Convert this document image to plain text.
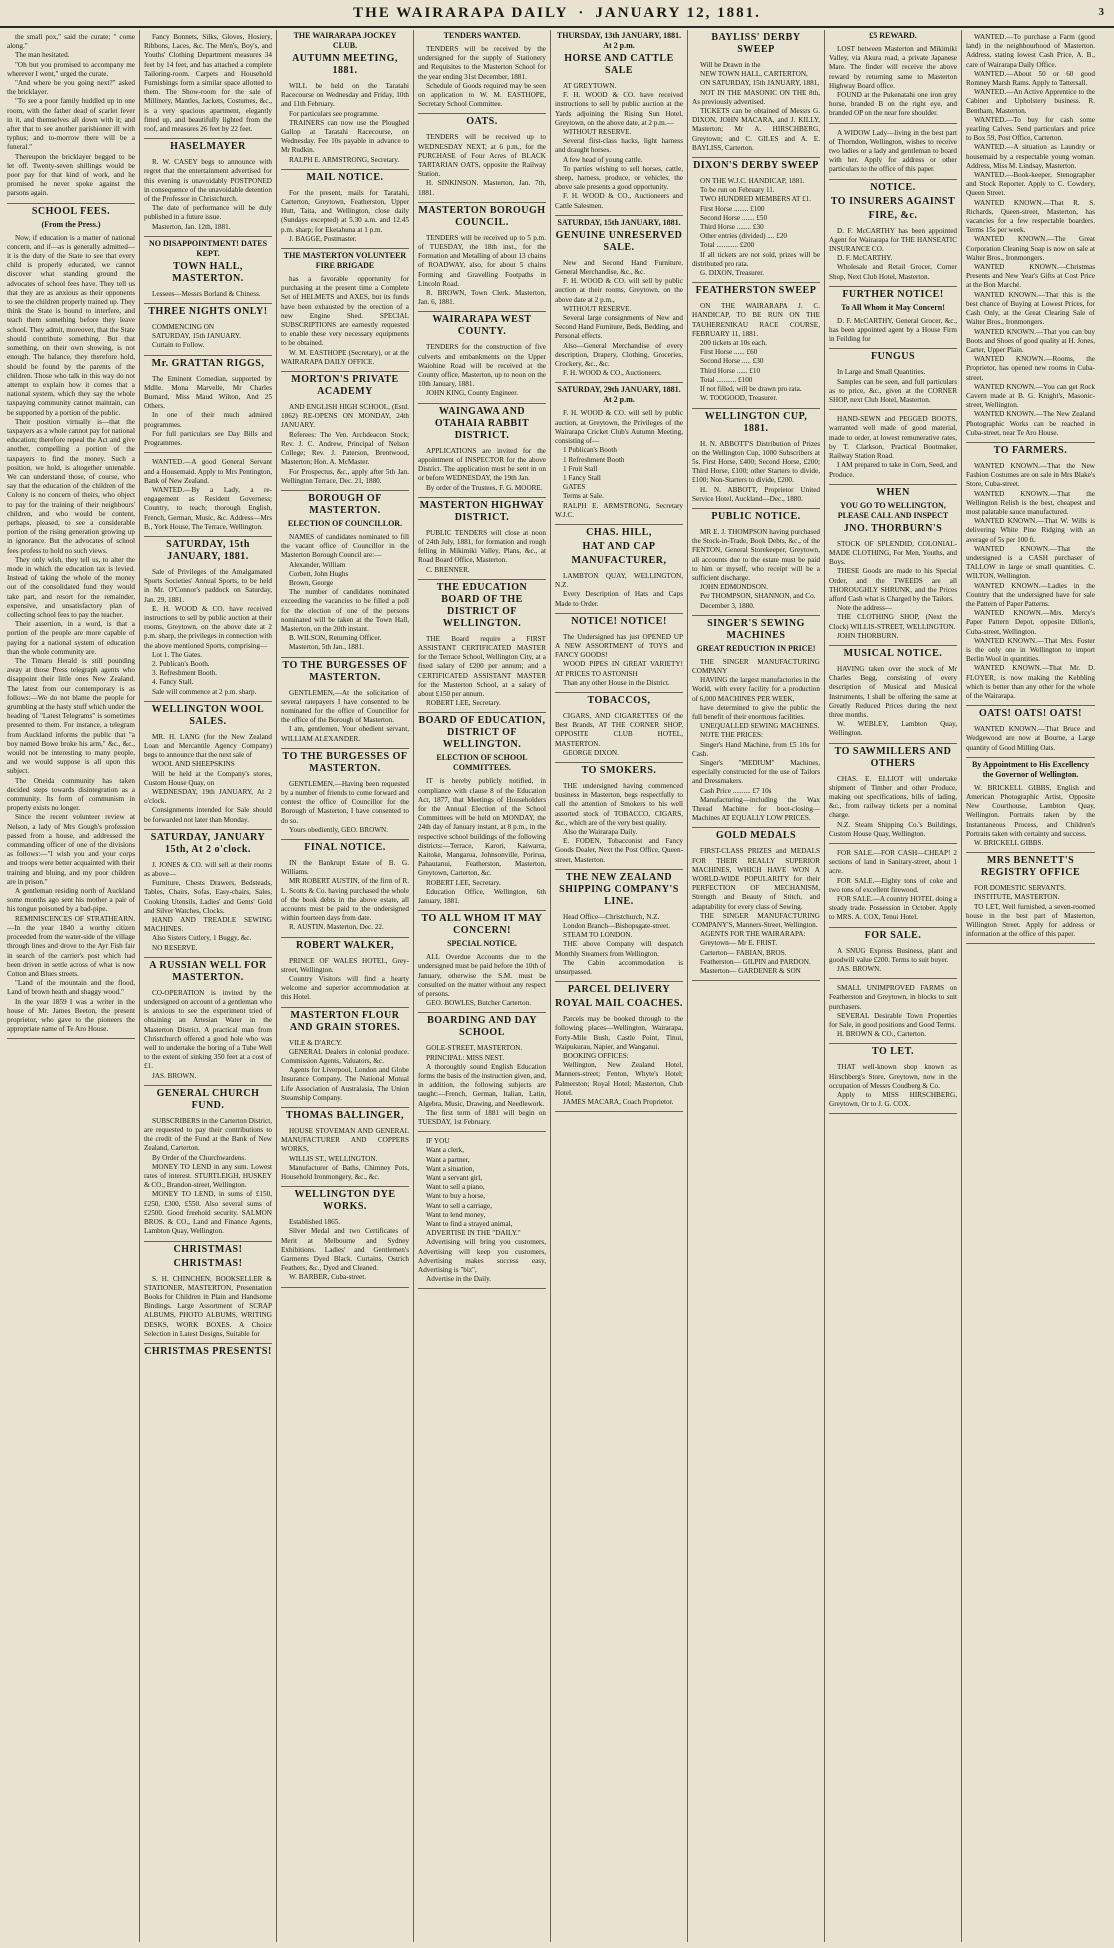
THE WAIRARAPA DAILY · JANUARY 12, 1881.	3

the small pox," said the curate; " come along."

The man hesitated.

"Oh but you promised to accompany me wherever I went," urged the curate.

"And where be you going next?" asked the bricklayer.

"To see a poor family huddled up in one room, with the father dead of scarlet fever in it, and themselves all down with it; and after that to see another parishioner ill with typhus; and to-morrow there will be a funeral."

Thereupon the bricklayer begged to be let off. Twenty-seven shillings would be poor pay for that kind of work, and he promised he never spoke against the parsons again.

SCHOOL FEES.
(From the Press.)

Now, if education is a matter of national concern, and if—as is generally admitted—it is the duty of the State to see that every child is properly educated, we cannot discover what standing ground the advocates of school fees have. They tell us that they are as anxious as their opponents to see the children properly trained up. They think the State is bound to interfere, and teach them something before they leave school. They admit, moreover, that the State should contribute something. But that something, on their own showing, is not enough. The balance, they therefore hold, should be found by the parents of the children. Those who talk in this way do not attempt to explain how it comes that a national system, which they say the whole taxpaying community cannot maintain, can be supported by a portion of the public.

Their position virtually is—that the taxpayers as a whole cannot pay for national education; therefore repeal the Act and give another, compelling a portion of the taxpayers to find the money. Such a position, we hold, is altogether untenable. We can understand those, of course, who say that the education of the children of the Colony is no concern of theirs, who object to pay for the training of their neighbours' children, and who would be content, perhaps, pleased, to see a considerable portion of the rising generation growing up in ignorance. But the advocates of school fees profess to hold no such views.

They only wish, they tell us, to alter the mode in which the education tax is levied. Instead of taking the whole of the money out of the consolidated fund they would take part, and resort for the remainder, expensive, and unsatisfactory plan of collecting school fees to pay the teacher.

Their assertion, in a word, is that a portion of the people are more capable of paying for a national system of education than the whole community are.

The Timaru Herald is still pounding away at those Press telegraph agents who disappoint their little ones New Zealand. The latest from our contemporary is as follows:—We do not blame the people for grumbling at the hasty stuff which under the heading of "Latest Telegrams" is sometimes presented to them. For instance, a telegram from Auckland informs the public that "a boy named Bowe broke his arm," &c., &c., would not be interesting to many people, and we would suppose is all upon this subject.

The Oneida community has taken decided steps towards disintegration as a community. Its form of communism in property exists no longer.

Since the recent volunteer review at Nelson, a lady of Mrs Gough's profession passed from a house, and addressed the commanding officer of one of the divisions as follows:—"I wish you and your corps and troops were better acquainted with their training and bluing, and my poor children are in prison."

A gentleman residing north of Auckland some months ago sent his mother a pair of his tongue poisoned by a bad-pipe.

REMINISCENCES OF STRATHEARN.—In the year 1840 a worthy citizen proceeded from the water-side of the village through lines and drove to the Ayr Fish fair in search of the carrier's post which had been driven in settle across of what is now Cotton and Blues streets.

"Land of the mountain and the flood, Land of brown heath and shaggy wood."

In the year 1859 I was a writer in the house of Mr. James Beeton, the present proprietor, who gave to the pioneers the appropriate name of Te Aro House.

Fancy Bonnets, Silks, Gloves, Hosiery, Ribbons, Laces, &c. The Men's, Boy's, and Youths' Clothing Department measures 34 feet by 14 feet, and has attached a complete Tailoring-room. Carpets and Household Furnishings form a similar space allotted to them. The Show-room for the sale of Millinery, Mantles, Jackets, Costumes, &c., is a very spacious apartment, elegantly fitted up, and beautifully lighted from the roof, and measures 26 feet by 22 feet.

HASELMAYER

R. W. CASEY begs to announce with regret that the entertainment advertised for this evening is unavoidably POSTPONED in consequence of the unavoidable detention of the Professor in Christchurch.

The date of performance will be duly published in a future issue.

Masterton, Jan. 12th, 1881.

NO DISAPPOINTMENT! DATES KEPT.
TOWN HALL, MASTERTON.

Lessees—Messrs Borland & Chiness.

THREE NIGHTS ONLY!

COMMENCING ON

SATURDAY, 15th JANUARY.

Curtain to Follow.

Mr. GRATTAN RIGGS,

The Eminent Comedian, supported by Mdlle. Mona Marvelle, Mr Charles Burnard, Miss Maud Wilton, And 25 Others.

In one of their much admired programmes.

For full particulars see Day Bills and Programmes.

WANTED.—A good General Servant and a Housemaid. Apply to Mrs Pentington, Bank of New Zealand.

WANTED.—By a Lady, a re-engagement as Resident Governess; Country, to teach; thorough English, French, German, Music, &c. Address—Mrs B., York House, The Terrace, Wellington.

SATURDAY, 15th JANUARY, 1881.

Sale of Privileges of the Amalgamated Sports Societies' Annual Sports, to be held in Mr. O'Connor's paddock on Saturday, Jan. 29, 1881.

E. H. WOOD & CO. have received instructions to sell by public auction at their rooms, Greytown, on the above date at 2 p.m. sharp, the privileges in connection with the above mentioned Sports, comprising—

Lot 1. The Gates.

2. Publican's Booth.

3. Refreshment Booth.

4. Fancy Stall.

Sale will commence at 2 p.m. sharp.

WELLINGTON WOOL SALES.

MR. H. LANG (for the New Zealand Loan and Mercantile Agency Company) begs to announce that the next sale of

WOOL AND SHEEPSKINS

Will be held at the Company's stores, Custom House Quay, on

WEDNESDAY, 19th JANUARY, At 2 o'clock.

Consignments intended for Sale should be forwarded not later than Monday.

SATURDAY, JANUARY 15th, At 2 o'clock.

J. JONES & CO. will sell at their rooms as above—

Furniture, Chests Drawers, Bedsteads, Tables, Chairs, Sofas, Easy-chairs, Sales, Cooking Utensils, Ladies' and Gents' Gold and Silver Watches, Clocks.

HAND AND TREADLE SEWING MACHINES.

Also Sisters Cutlery, 1 Buggy, &c.

NO RESERVE.

A RUSSIAN WELL FOR MASTERTON.

CO-OPERATION is invited by the undersigned on account of a gentleman who is anxious to see the experiment tried of obtaining an Artesian Water in the Masterton District. A practical man from Christchurch offered a good hole who was well to undertake the boring of a Tube Well to the extent of sinking 350 feet at a cost of £1.

JAS. BROWN.

GENERAL CHURCH FUND.

SUBSCRIBERS in the Carterton District, are requested to pay their contributions to the credit of the Fund at the Bank of New Zealand, Carterton.

By Order of the Churchwardens.

MONEY TO LEND in any sum. Lowest rates of interest. STURTLEIGH, HUSKEY & CO., Brandon-street, Wellington.

MONEY TO LEND, in sums of £150, £250, £300, £550. Also several sums of £2500. Good freehold security. SALMON BROS. & CO., Land and Finance Agents, Lambton Quay, Wellington.

CHRISTMAS!
CHRISTMAS!

S. H. CHINCHEN, BOOKSELLER & STATIONER, MASTERTON, Presentation Books for Children in Plain and Handsome Bindings. Large Assortment of SCRAP ALBUMS, PHOTO ALBUMS, WRITING DESKS, WORK BOXES. A Choice Selection in Latest Designs, Suitable for

CHRISTMAS PRESENTS!
THE WAIRARAPA JOCKEY CLUB.
AUTUMN MEETING, 1881.

WILL be held on the Taratahi Racecourse on Wednesday and Friday, 10th and 11th February.

For particulars see programme.

TRAINERS can now use the Ploughed Gallop at Taratahi Racecourse, on Wednesday. Fee 10s payable in advance to Mr Rudkin.

RALPH E. ARMSTRONG, Secretary.

MAIL NOTICE.

For the present, mails for Taratahi, Carterton, Greytown, Featherston, Upper Hutt, Taita, and Wellington, close daily (Sundays excepted) at 5.30 a.m. and 12.45 p.m. sharp; for Eketahuna at 1 p.m.

J. BAGGE, Postmaster.

THE MASTERTON VOLUNTEER FIRE BRIGADE

has a favorable opportunity for purchasing at the present time a Complete Set of HELMETS and AXES, but its funds have been exhausted by the erection of a new Engine Shed. SPECIAL SUBSCRIPTIONS are earnestly requested to enable these very necessary equipments to be obtained.

W. M. EASTHOPE (Secretary), or at the WAIRARAPA DAILY OFFICE.

MORTON'S PRIVATE ACADEMY

AND ENGLISH HIGH SCHOOL, (Estd. 1862) RE-OPENS ON MONDAY, 24th JANUARY.

Referees: The Ven. Archdeacon Stock; Rev. J. C. Andrew, Principal of Nelson College; Rev. J. Paterson, Brentwood, Masterton; Hon. A. McMaster.

For Prospectus, &c., apply after 5th Jan. Wellington Terrace, Dec. 21, 1880.

BOROUGH OF MASTERTON.
ELECTION OF COUNCILLOR.

NAMES of candidates nominated to fill the vacant office of Councillor in the Masterton Borough Council are:—

Alexander, William

Corbett, John Hughs

Brown, George

The number of candidates nominated exceeding the vacancies to be filled a poll for the election of one of the persons nominated will be taken at the Town Hall, Masterton, on the 20th instant.

B. WILSON, Returning Officer.

Masterton, 5th Jan., 1881.

TO THE BURGESSES OF MASTERTON.

GENTLEMEN,—At the solicitation of several ratepayers I have consented to be nominated for the office of Councillor for the office of the Borough of Masterton.

I am, gentlemen, Your obedient servant, WILLIAM ALEXANDER.

TO THE BURGESSES OF MASTERTON.

GENTLEMEN,—Having been requested by a number of friends to come forward and contest the office of Councillor for the Borough of Masterton, I have consented to do so.

Yours obediently, GEO. BROWN.

FINAL NOTICE.

IN the Bankrupt Estate of B. G. Williams.

MR ROBERT AUSTIN, of the firm of R. L. Scotts & Co. having purchased the whole of the book debts in the above estate, all accounts must be paid to the undersigned within fourteen days from date.

R. AUSTIN. Masterton, Dec. 22.

ROBERT WALKER,

PRINCE OF WALES HOTEL, Grey-street, Wellington.

Country Visitors will find a hearty welcome and superior accommodation at this Hotel.

MASTERTON FLOUR AND GRAIN STORES.

VILE & D'ARCY.

GENERAL Dealers in colonial produce. Commission Agents, Valuators, &c.

Agents for Liverpool, London and Globe Insurance Company, The National Mutual Life Association of Australasia, The Union Steamship Company.

THOMAS BALLINGER,

HOUSE STOVEMAN AND GENERAL MANUFACTURER AND COPPERS WORKS,

WILLIS ST., WELLINGTON.

Manufacturer of Baths, Chimney Pots, Household Ironmongery, &c., &c.

WELLINGTON DYE WORKS.

Established 1865.

Silver Medal and two Certificates of Merit at Melbourne and Sydney Exhibitions. Ladies' and Gentlemen's Garments Dyed Black. Curtains, Ostrich Feathers, &c., Dyed and Cleaned.

W. BARBER, Cuba-street.

TENDERS WANTED.

TENDERS will be received by the undersigned for the supply of Stationery and Requisites to the Masterton School for the year ending 31st December, 1881.

Schedule of Goods required may be seen on application to W. M. EASTHOPE, Secretary School Committee.

OATS.

TENDERS will be received up to WEDNESDAY NEXT, at 6 p.m., for the PURCHASE of Four Acres of BLACK TARTARIAN OATS, opposite the Railway Station.

H. SINKINSON. Masterton, Jan. 7th, 1881.

MASTERTON BOROUGH COUNCIL.

TENDERS will be received up to 5 p.m. of TUESDAY, the 18th inst., for the Formation and Metalling of about 13 chains of ROADWAY, also, for about 5 chains Forming and Gravelling Footpaths in Lincoln Road.

R. BROWN, Town Clerk. Masterton, Jan. 6, 1881.

WAIRARAPA WEST COUNTY.

TENDERS for the construction of five culverts and embankments on the Upper Waiohine Road will be received at the County office, Masterton, up to noon on the 10th January, 1881.

JOHN KING, County Engineer.

WAINGAWA AND OTAHAIA RABBIT DISTRICT.

APPLICATIONS are invited for the appointment of INSPECTOR for the above District. The application must be sent in on or before WEDNESDAY, the 19th Jan.

By order of the Trustees, F. G. MOORE.

MASTERTON HIGHWAY DISTRICT.

PUBLIC TENDERS will close at noon of 24th July, 1881, for formation and rough felling in Mikimiki Valley, Plans, &c., at Road Board Office, Masterton.

C. BRENNER.

THE EDUCATION BOARD OF THE DISTRICT OF WELLINGTON.

THE Board require a FIRST ASSISTANT CERTIFICATED MASTER for the Terrace School, Wellington City, at a fixed salary of £200 per annum; and a CERTIFICATED ASSISTANT MASTER for the Masterton School, at a salary of about £150 per annum.

ROBERT LEE, Secretary.

BOARD OF EDUCATION, DISTRICT OF WELLINGTON.
ELECTION OF SCHOOL COMMITTEES.

IT is hereby publicly notified, in compliance with clause 8 of the Education Act, 1877, that Meetings of Householders for the Annual Election of the School Committees will be held on MONDAY, the 24th day of January instant, at 8 p.m., in the respective school buildings of the following districts:—Terrace, Karori, Kaiwarra, Kaitoke, Mangaroa, Johnsonville, Porirua, Pahautanui, Featherston, Masterton, Greytown, Carterton, &c.

ROBERT LEE, Secretary.

Education Office, Wellington, 6th January, 1881.

TO ALL WHOM IT MAY CONCERN!
SPECIAL NOTICE.

ALL Overdue Accounts due to the undersigned must be paid before the 10th of January, otherwise the S.M. must be consulted on the matter without any respect of persons.

GEO. BOWLES, Butcher Carterton.

BOARDING AND DAY SCHOOL

GOLE-STREET, MASTERTON.

PRINCIPAL: MISS NEST.

A thoroughly sound English Education forms the basis of the instruction given, and, in addition, the following subjects are taught:—French, German, Italian, Latin, Algebra, Music, Drawing, and Needlework.

The first term of 1881 will begin on TUESDAY, 1st February.

IF YOU

Want a clerk,

Want a partner,

Want a situation,

Want a servant girl,

Want to sell a piano,

Want to buy a horse,

Want to sell a carriage,

Want to lend money,

Want to find a strayed animal,

ADVERTISE IN THE "DAILY."

Advertising will bring you customers, Advertising will keep you customers, Advertising makes success easy, Advertising is "biz",

Advertise in the Daily.

THURSDAY, 13th JANUARY, 1881. At 2 p.m.
HORSE AND CATTLE SALE

AT GREYTOWN.

F. H. WOOD & CO. have received instructions to sell by public auction at the Yards adjoining the Rising Sun Hotel, Greytown, on the above date, at 2 p.m.—

WITHOUT RESERVE.

Several first-class hacks, light harness and draught horses.

A few head of young cattle.

To parties wishing to sell horses, cattle, sheep, harness, produce, or vehicles, the above sale presents a good opportunity.

F. H. WOOD & CO., Auctioneers and Cattle Salesmen.

SATURDAY, 15th JANUARY, 1881.
GENUINE UNRESERVED SALE.

New and Second Hand Furniture, General Merchandise, &c., &c.

F. H. WOOD & CO. will sell by public auction at their rooms, Greytown, on the above date at 2 p.m.,

WITHOUT RESERVE.

Several large consignments of New and Second Hand Furniture, Beds, Bedding, and Personal effects.

Also—General Merchandise of every description, Drapery, Clothing, Groceries, Crockery, &c., &c.

F. H. WOOD & CO., Auctioneers.

SATURDAY, 29th JANUARY, 1881. At 2 p.m.

F. H. WOOD & CO. will sell by public auction, at Greytown, the Privileges of the Wairarapa Cricket Club's Autumn Meeting, consisting of—

1 Publican's Booth

1 Refreshment Booth

1 Fruit Stall

1 Fancy Stall

GATES

Terms at Sale.

RALPH E. ARMSTRONG, Secretary W.J.C.

CHAS. HILL,
HAT AND CAP
MANUFACTURER,

LAMBTON QUAY, WELLINGTON, N.Z.

Every Description of Hats and Caps Made to Order.

NOTICE! NOTICE!

The Undersigned has just OPENED UP A NEW ASSORTMENT of TOYS and FANCY GOODS!

WOOD PIPES IN GREAT VARIETY! AT PRICES TO ASTONISH

Than any other House in the District.

TOBACCOS,

CIGARS, AND CIGARETTES Of the Best Brands, AT THE CORNER SHOP, OPPOSITE CLUB HOTEL, MASTERTON.

GEORGE DIXON.

TO SMOKERS.

THE undersigned having commenced business in Masterton, begs respectfully to call the attention of Smokers to his well assorted stock of TOBACCO, CIGARS, &c., which are of the very best quality.

Also the Wairarapa Daily.

E. FODEN, Tobacconist and Fancy Goods Dealer, Next the Post Office, Queen-street, Masterton.

THE NEW ZEALAND SHIPPING COMPANY'S LINE.

Head Office—Christchurch, N.Z.

London Branch—Bishopsgate-street.

STEAM TO LONDON.

THE above Company will despatch Monthly Steamers from Wellington.

The Cabin accommodation is unsurpassed.

PARCEL DELIVERY
ROYAL MAIL COACHES.

Parcels may be booked through to the following places—Wellington, Wairarapa, Forty-Mile Bush, Castle Point, Tinui, Waipukurau, Napier, and Wanganui.

BOOKING OFFICES:

Wellington, New Zealand Hotel, Manners-street; Fenton, Whyte's Hotel; Palmerston; Royal Hotel; Masterton, Club Hotel.

JAMES MACARA, Coach Proprietor.

BAYLISS' DERBY SWEEP

Will be Drawn in the

NEW TOWN HALL, CARTERTON,

ON SATURDAY, 15th JANUARY, 1881,

NOT IN THE MASONIC ON THE 8th, As previously advertised.

TICKETS can be obtained of Messrs G. DIXON, JOHN MACARA, and J. KILLY, Masterton; Mr A. HIRSCHBERG, Greytown; and C. GILES and A. E. BAYLISS, Carterton.

DIXON'S DERBY SWEEP

ON THE W.J.C. HANDICAP, 1881.

To be run on February 11.

TWO HUNDRED MEMBERS AT £1.

First Horse ........ £100

Second Horse ....... £50

Third Horse ........ £30

Other entries (divided) .... £20

Total ............ £200

If all tickets are not sold, prizes will be distributed pro rata.

G. DIXON, Treasurer.

FEATHERSTON SWEEP

ON THE WAIRARAPA J. C. HANDICAP, TO BE RUN ON THE TAUHERENIKAU RACE COURSE, FEBRUARY 11, 1881.

200 tickets at 10s each.

First Horse ...... £60

Second Horse ..... £30

Third Horse ...... £10

Total ........... £100

If not filled, will be drawn pro rata.

W. TOOGOOD, Treasurer.

WELLINGTON CUP, 1881.

H. N. ABBOTT'S Distribution of Prizes on the Wellington Cup, 1000 Subscribers at 5s. First Horse, £400; Second Horse, £200; Third Horse, £100; other Starters to divide, £100; Non-Starters to divide, £200.

H. N. ABBOTT, Proprietor United Service Hotel, Auckland—Dec., 1880.

PUBLIC NOTICE.

MR E. J. THOMPSON having purchased the Stock-in-Trade, Book Debts, &c., of the FENTON, General Storekeeper, Greytown, all accounts due to the estate must be paid to him or myself, who receipt will be a sufficient discharge.

JOHN EDMONDSON.

Per THOMPSON, SHANNON, and Co.

December 3, 1880.

SINGER'S SEWING MACHINES
GREAT REDUCTION IN PRICE!

THE SINGER MANUFACTURING COMPANY

HAVING the largest manufactories in the World, with every facility for a production of 6,000 MACHINES PER WEEK,

have determined to give the public the full benefit of their enormous facilities.

UNEQUALLED SEWING MACHINES.

NOTE THE PRICES:

Singer's Hand Machine, from £5 10s for Cash.

Singer's "MEDIUM" Machines, especially constructed for the use of Tailors and Dressmakers.

Cash Price .......... £7 10s

Manufacturing—including the Wax Thread Machine for boot-closing—Machines AT EQUALLY LOW PRICES.

GOLD MEDALS

FIRST-CLASS PRIZES and MEDALS FOR THEIR REALLY SUPERIOR MACHINES, WHICH HAVE WON A WORLD-WIDE POPULARITY for their PERFECTION OF MECHANISM, Strength and Beauty of Stitch, and adaptability for every class of Sewing.

THE SINGER MANUFACTURING COMPANY'S, Manners-Street, Wellington.

AGENTS FOR THE WAIRARAPA:

Greytown— Mr E. FRIST.

Carterton— FABIAN, BROS.

Featherston— GILPIN and PARDON.

Masterton— GARDENER & SON

£5 REWARD.

LOST between Masterton and Mikimiki Valley, via Akura road, a private Japanese Mare. The finder will receive the above reward by returning same to Masterton Highway Board office.

FOUND at the Pukenatahi one iron grey horse, branded B on the right eye, and branded OP on the near fore shoulder.

A WIDOW Lady—living in the best part of Thorndon, Wellington, wishes to receive two ladies or a lady and gentleman to board with her. Apply for address or other particulars to the office of this paper.

NOTICE.
TO INSURERS AGAINST
FIRE, &c.

D. F. McCARTHY has been appointed Agent for Wairarapa for THE HANSEATIC INSURANCE CO.

D. F. McCARTHY.

Wholesale and Retail Grocer, Corner Shop, Next Club Hotel, Masterton.

FURTHER NOTICE!
To All Whom it May Concern!

D. F. McCARTHY, General Grocer, &c., has been appointed agent by a House Firm in Feilding for

FUNGUS

In Large and Small Quantities.

Samples can be seen, and full particulars as to price, &c., given at the CORNER SHOP, next Club Hotel, Masterton.

HAND-SEWN and PEGGED BOOTS, warranted well made of good material, made to order, at lowest remunerative rates, by T. Clarkson, Practical Bootmaker, Railway Station Road.

I AM prepared to take in Corn, Seed, and Produce.

WHEN
YOU GO TO WELLINGTON, PLEASE CALL AND INSPECT
JNO. THORBURN'S

STOCK OF SPLENDID, COLONIAL-MADE CLOTHING, For Men, Youths, and Boys.

THESE Goods are made to his Special Order, and the TWEEDS are all THOROUGHLY SHRUNK, and the Prices afford Cash what is Charged by the Tailors.

Note the address—

THE CLOTHING SHOP, (Next the Clock) WILLIS-STREET, WELLINGTON.

JOHN THORBURN.

MUSICAL NOTICE.

HAVING taken over the stock of Mr Charles Begg, consisting of every description of Musical and Musical Instruments, I shall be offering the same at Greatly Reduced Prices during the next three months.

W. WEBLEY, Lambton Quay, Wellington.

TO SAWMILLERS AND OTHERS

CHAS. E. ELLIOT will undertake shipment of Timber and other Produce, making out specifications, bills of lading, &c., from railway tickets per a nominal charge.

N.Z. Steam Shipping Co.'s Buildings, Custom House Quay, Wellington.

FOR SALE.—FOR CASH—CHEAP! 2 sections of land in Sanitary-street, about 1 acre.

FOR SALE.—Eighty tons of coke and two tons of excellent firewood.

FOR SALE.—A country HOTEL doing a steady trade. Possession in October. Apply to MRS. A. COX, Tenui Hotel.

FOR SALE.

A SNUG Express Business, plant and goodwill value £200. Terms to suit buyer.

JAS. BROWN.

SMALL UNIMPROVED FARMS on Featherston and Greytown, in blocks to suit purchasers.

SEVERAL Desirable Town Properties for Sale, in good positions and Good Terms.

H. BROWN & CO., Carterton.

TO LET.

THAT well-known shop known as Hirschberg's Store, Greytown, now in the occupation of Messrs Coudberg & Co.

Apply to MISS HIRSCHBERG, Greytown, Or to J. G. COX.

WANTED.—To purchase a Farm (good land) in the neighbourhood of Masterton. Address, stating lowest Cash Price, A. B., care of Wairarapa Daily Office.

WANTED.—About 50 or 60 good Romney Marsh Rams. Apply to Tattersall.

WANTED.—An Active Apprentice to the Cabinet and Upholstery business. R. Bentham, Masterton.

WANTED.—To buy for cash some yearling Calves. Send particulars and price to Box 59, Post Office, Carterton.

WANTED.—A situation as Laundry or housemaid by a respectable young woman. Address, Miss M. Lindsay, Masterton.

WANTED.—Book-keeper, Stenographer and Stock Reporter. Apply to C. Cowdery, Queen Street.

WANTED KNOWN.—That R. S. Richards, Queen-street, Masterton, has vacancies for a few respectable boarders. Terms 15s per week.

WANTED KNOWN.—The Great Corporation Cleaning Soap is now on sale at Walter Bros., Ironmongers.

WANTED KNOWN.—Christmas Presents and New Year's Gifts at Cost Price at the Bon Marché.

WANTED KNOWN.—That this is the best chance of Buying at Lowest Prices, for Cash Only, at the Great Clearing Sale of Walter Bros., Ironmongers.

WANTED KNOWN.—That you can buy Boots and Shoes of good quality at H. Jones, Carter, Upper Plain.

WANTED KNOWN.—Rooms, the Proprietor, has opened new rooms in Cuba-street.

WANTED KNOWN.—You can get Rock Cavern made at B. G. Knight's, Masonic-street, Wellington.

WANTED KNOWN.—The New Zealand Photographic Works can be reached in Cuba-street, near Te Aro House.

TO FARMERS.

WANTED KNOWN.—That the New Fashion Costumes are on sale in Mrs Blake's Store, Cuba-street.

WANTED KNOWN.—That the Wellington Relish is the best, cheapest and most palatable sauce manufactured.

WANTED KNOWN.—That W. Wills is delivering White Pine Ridging with an average of 5s per 100 ft.

WANTED KNOWN.—That the undersigned is a CASH purchaser of TALLOW in large or small quantities. C. WILTON, Wellington.

WANTED KNOWN.—Ladies in the Country that the undersigned have for sale the Pattern of Paper Patterns.

WANTED KNOWN.—Mrs. Mercy's Paper Pattern Depot, opposite Dillon's, Cuba-street, Wellington.

WANTED KNOWN.—That Mrs. Foster is the only one in Wellington to import Berlin Wool in quantities.

WANTED KNOWN.—That Mr. D. FLOYER, is now making the Kebbling which is better than any other for the whole of the Wairarapa.

OATS! OATS! OATS!

WANTED KNOWN.—That Bruce and Wedgewood are now at Bourne, a Large quantity of Good Milling Oats.

By Appointment to His Excellency the Governor of Wellington.

W. BRICKELL GIBBS, English and American Photographic Artist, Opposite New Courthouse, Lambton Quay, Wellington. Portraits taken by the Instantaneous Process, and Children's Portraits taken with certainty and success.

W. BRICKELL GIBBS.

MRS BENNETT'S REGISTRY OFFICE

FOR DOMESTIC SERVANTS.

INSTITUTE, MASTERTON.

TO LET, Well furnished, a seven-roomed house in the best part of Masterton, Willington Street. Apply for address or information at the office of this paper.
